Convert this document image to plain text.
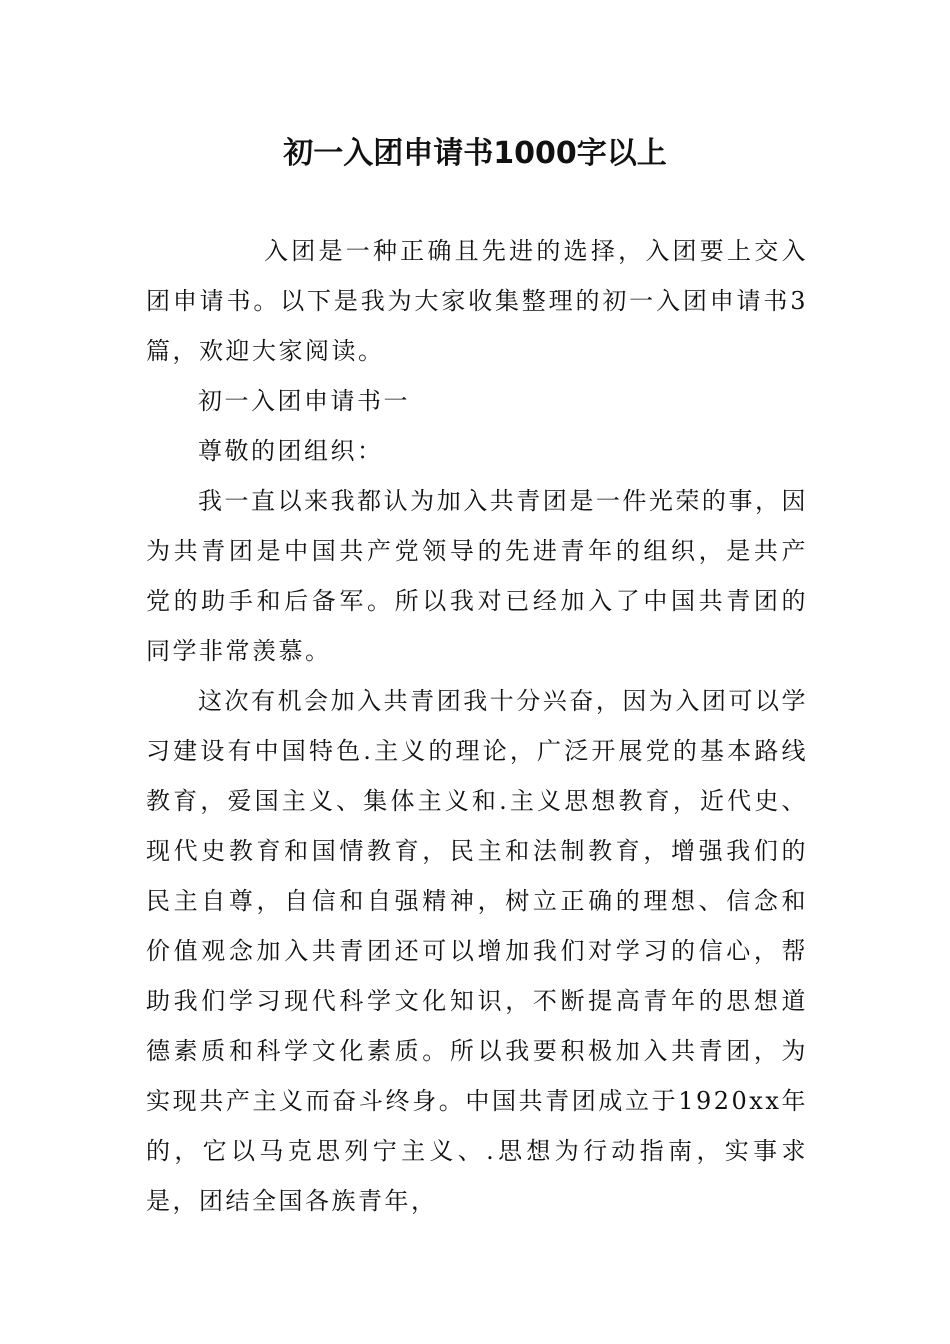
初一入团申请书1000字以上

入团是一种正确且先进的选择，入团要上交入团申请书。以下是我为大家收集整理的初一入团申请书3篇，欢迎大家阅读。

初一入团申请书一

尊敬的团组织：

我一直以来我都认为加入共青团是一件光荣的事，因为共青团是中国共产党领导的先进青年的组织，是共产党的助手和后备军。所以我对已经加入了中国共青团的同学非常羡慕。

这次有机会加入共青团我十分兴奋，因为入团可以学习建设有中国特色.主义的理论，广泛开展党的基本路线教育，爱国主义、集体主义和.主义思想教育，近代史、现代史教育和国情教育，民主和法制教育，增强我们的民主自尊，自信和自强精神，树立正确的理想、信念和价值观念加入共青团还可以增加我们对学习的信心，帮助我们学习现代科学文化知识，不断提高青年的思想道德素质和科学文化素质。所以我要积极加入共青团，为实现共产主义而奋斗终身。中国共青团成立于1920xx年的，它以马克思列宁主义、.思想为行动指南，实事求是，团结全国各族青年，
